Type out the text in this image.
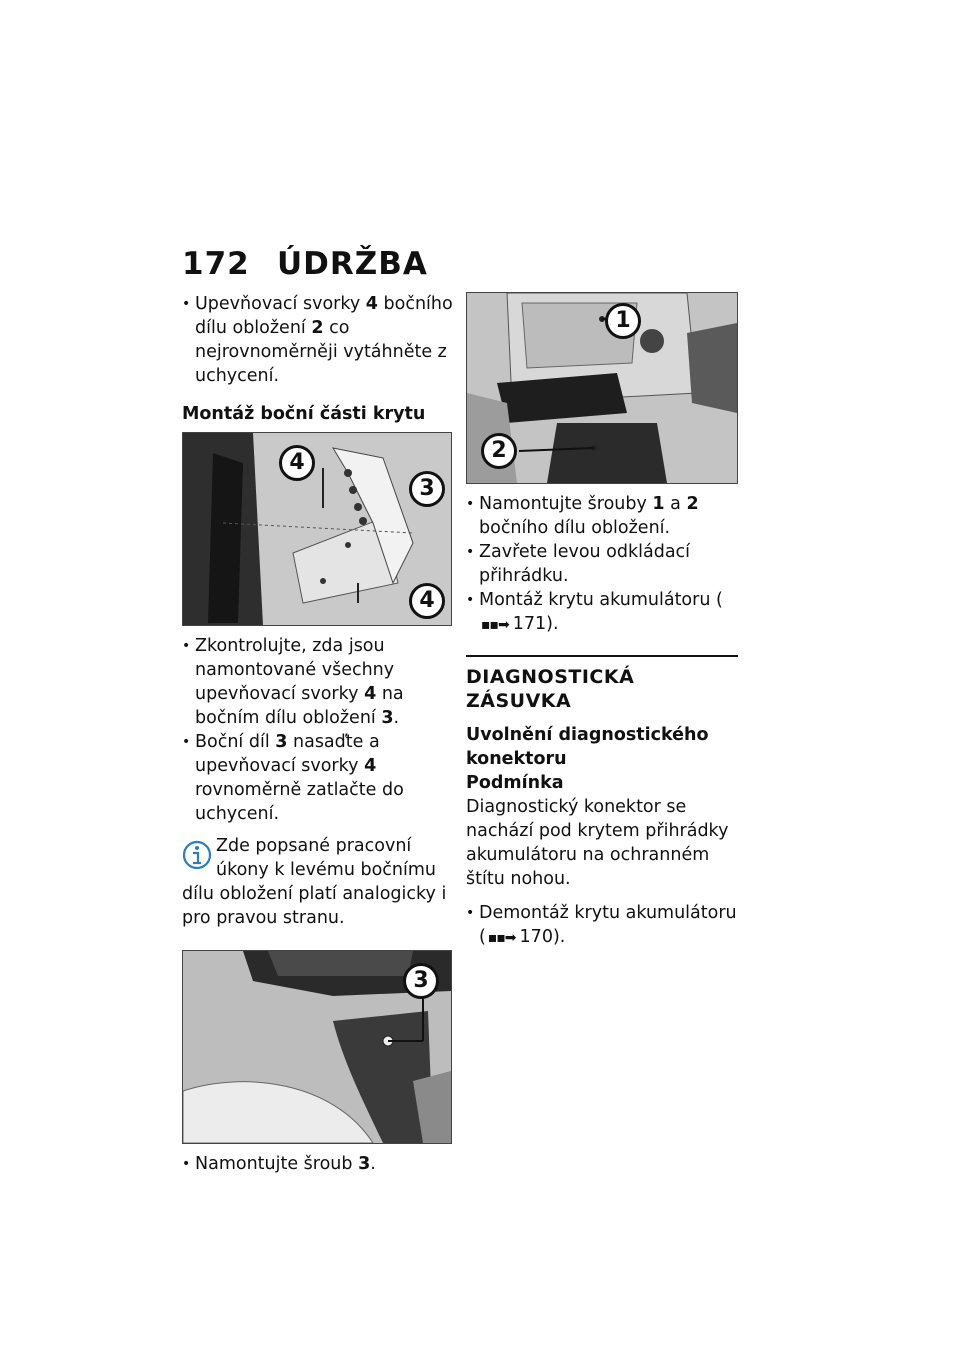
172 ÚDRŽBA

• Upevňovací svorky 4 bočního dílu obložení 2 co nejrovnoměrněji vytáhněte z uchycení.

Montáž boční části krytu

4
3
4

• Zkontrolujte, zda jsou namontované všechny upevňovací svorky 4 na bočním dílu obložení 3.

• Boční díl 3 nasaďte a upevňovací svorky 4 rovnoměrně zatlačte do uchycení.

Zde popsané pracovní
úkony k levému bočnímu
dílu obložení platí analogicky i pro pravou stranu.
3

• Namontujte šroub 3.

1
2

• Namontujte šrouby 1 a 2 bočního dílu obložení.

• Zavřete levou odkládací přihrádku.

• Montáž krytu akumulátoru (▪▪➡ 171).

DIAGNOSTICKÁ ZÁSUVKA

Uvolnění diagnostického konektoru

Podmínka

Diagnostický konektor se nachází pod krytem přihrádky akumulátoru na ochranném štítu nohou.

• Demontáž krytu akumulátoru ( ▪▪➡ 170).
